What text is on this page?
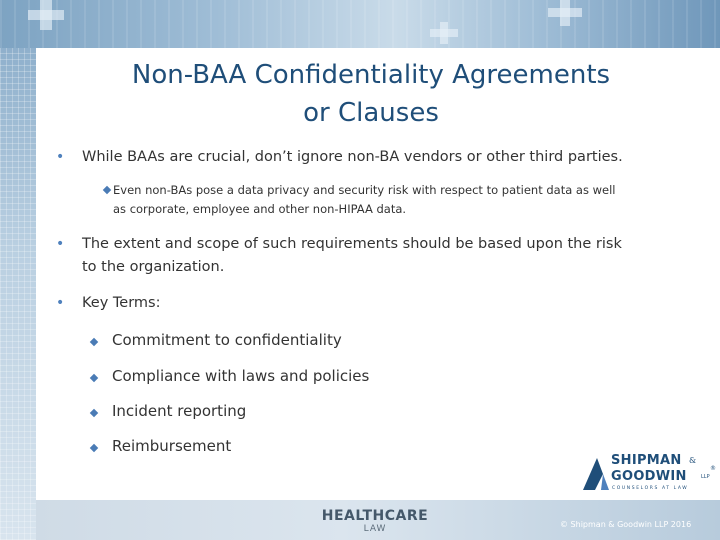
Non-BAA Confidentiality Agreements
or Clauses
• While BAAs are crucial, don’t ignore non-BA vendors or other third parties.
Even non-BAs pose a data privacy and security risk with respect to patient data as well
as corporate, employee and other non-HIPAA data.
• The extent and scope of such requirements should be based upon the risk
to the organization.
• Key Terms:
Commitment to confidentiality
Compliance with laws and policies
Incident reporting
Reimbursement
SHIPMAN &
GOODWIN	LLP
®
COUNSELORS AT LAW
HEALTHCARE
LAW	© Shipman & Goodwin LLP 2016
